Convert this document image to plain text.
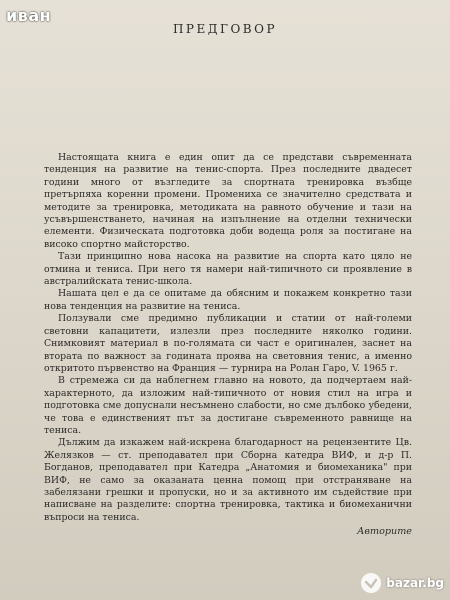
иван
ПРЕДГОВОР

Настоящата книга е един опит да се представи съвременната тенденция на развитие на тенис-спорта. През последните двадесет години много от възгледите за спортната тренировка възбще претърпяха коренни промени. Промениха се значително средствата и методите за тренировка, методиката на равното обучение и тази на усъвършенстването, начиная на изпълнение на отделни технически елементи. Физическата подготовка доби водеща роля за постигане на високо спортно майсторство.

Тази принципно нова насока на развитие на спорта като цяло не отмина и тениса. При него тя намери най-типичното си проявление в австралийската тенис-школа.

Нашата цел е да се опитаме да обясним и покажем конкретно тази нова тенденция на развитие на тениса.

Ползували сме предимно публикации и статии от най-големи световни капацитети, излезли през последните няколко години. Снимковият материал в по-голямата си част е оригинален, заснет на втората по важност за годината проява на световния тенис, а именно откритото първенство на Франция — турнира на Ролан Гаро, V. 1965 г.

В стремежа си да наблегнем главно на новото, да подчертаем най-характерното, да изложим най-типичното от новия стил на игра и подготовка сме допуснали несъмнено слабости, но сме дълбоко убедени, че това е единственият път за достигане съвременното равнище на тениса.

Дължим да изкажем най-искрена благодарност на рецензентите Цв. Желязков — ст. преподавател при Сборна катедра ВИФ, и д-р П. Богданов, преподавател при Катедра „Анатомия и биомеханика" при ВИФ, не само за оказаната ценна помощ при отстраняване на забелязани грешки и пропуски, но и за активното им съдействие при написване на разделите: спортна тренировка, тактика и биомеханични въпроси на тениса.

Авторите
bazar.bg
